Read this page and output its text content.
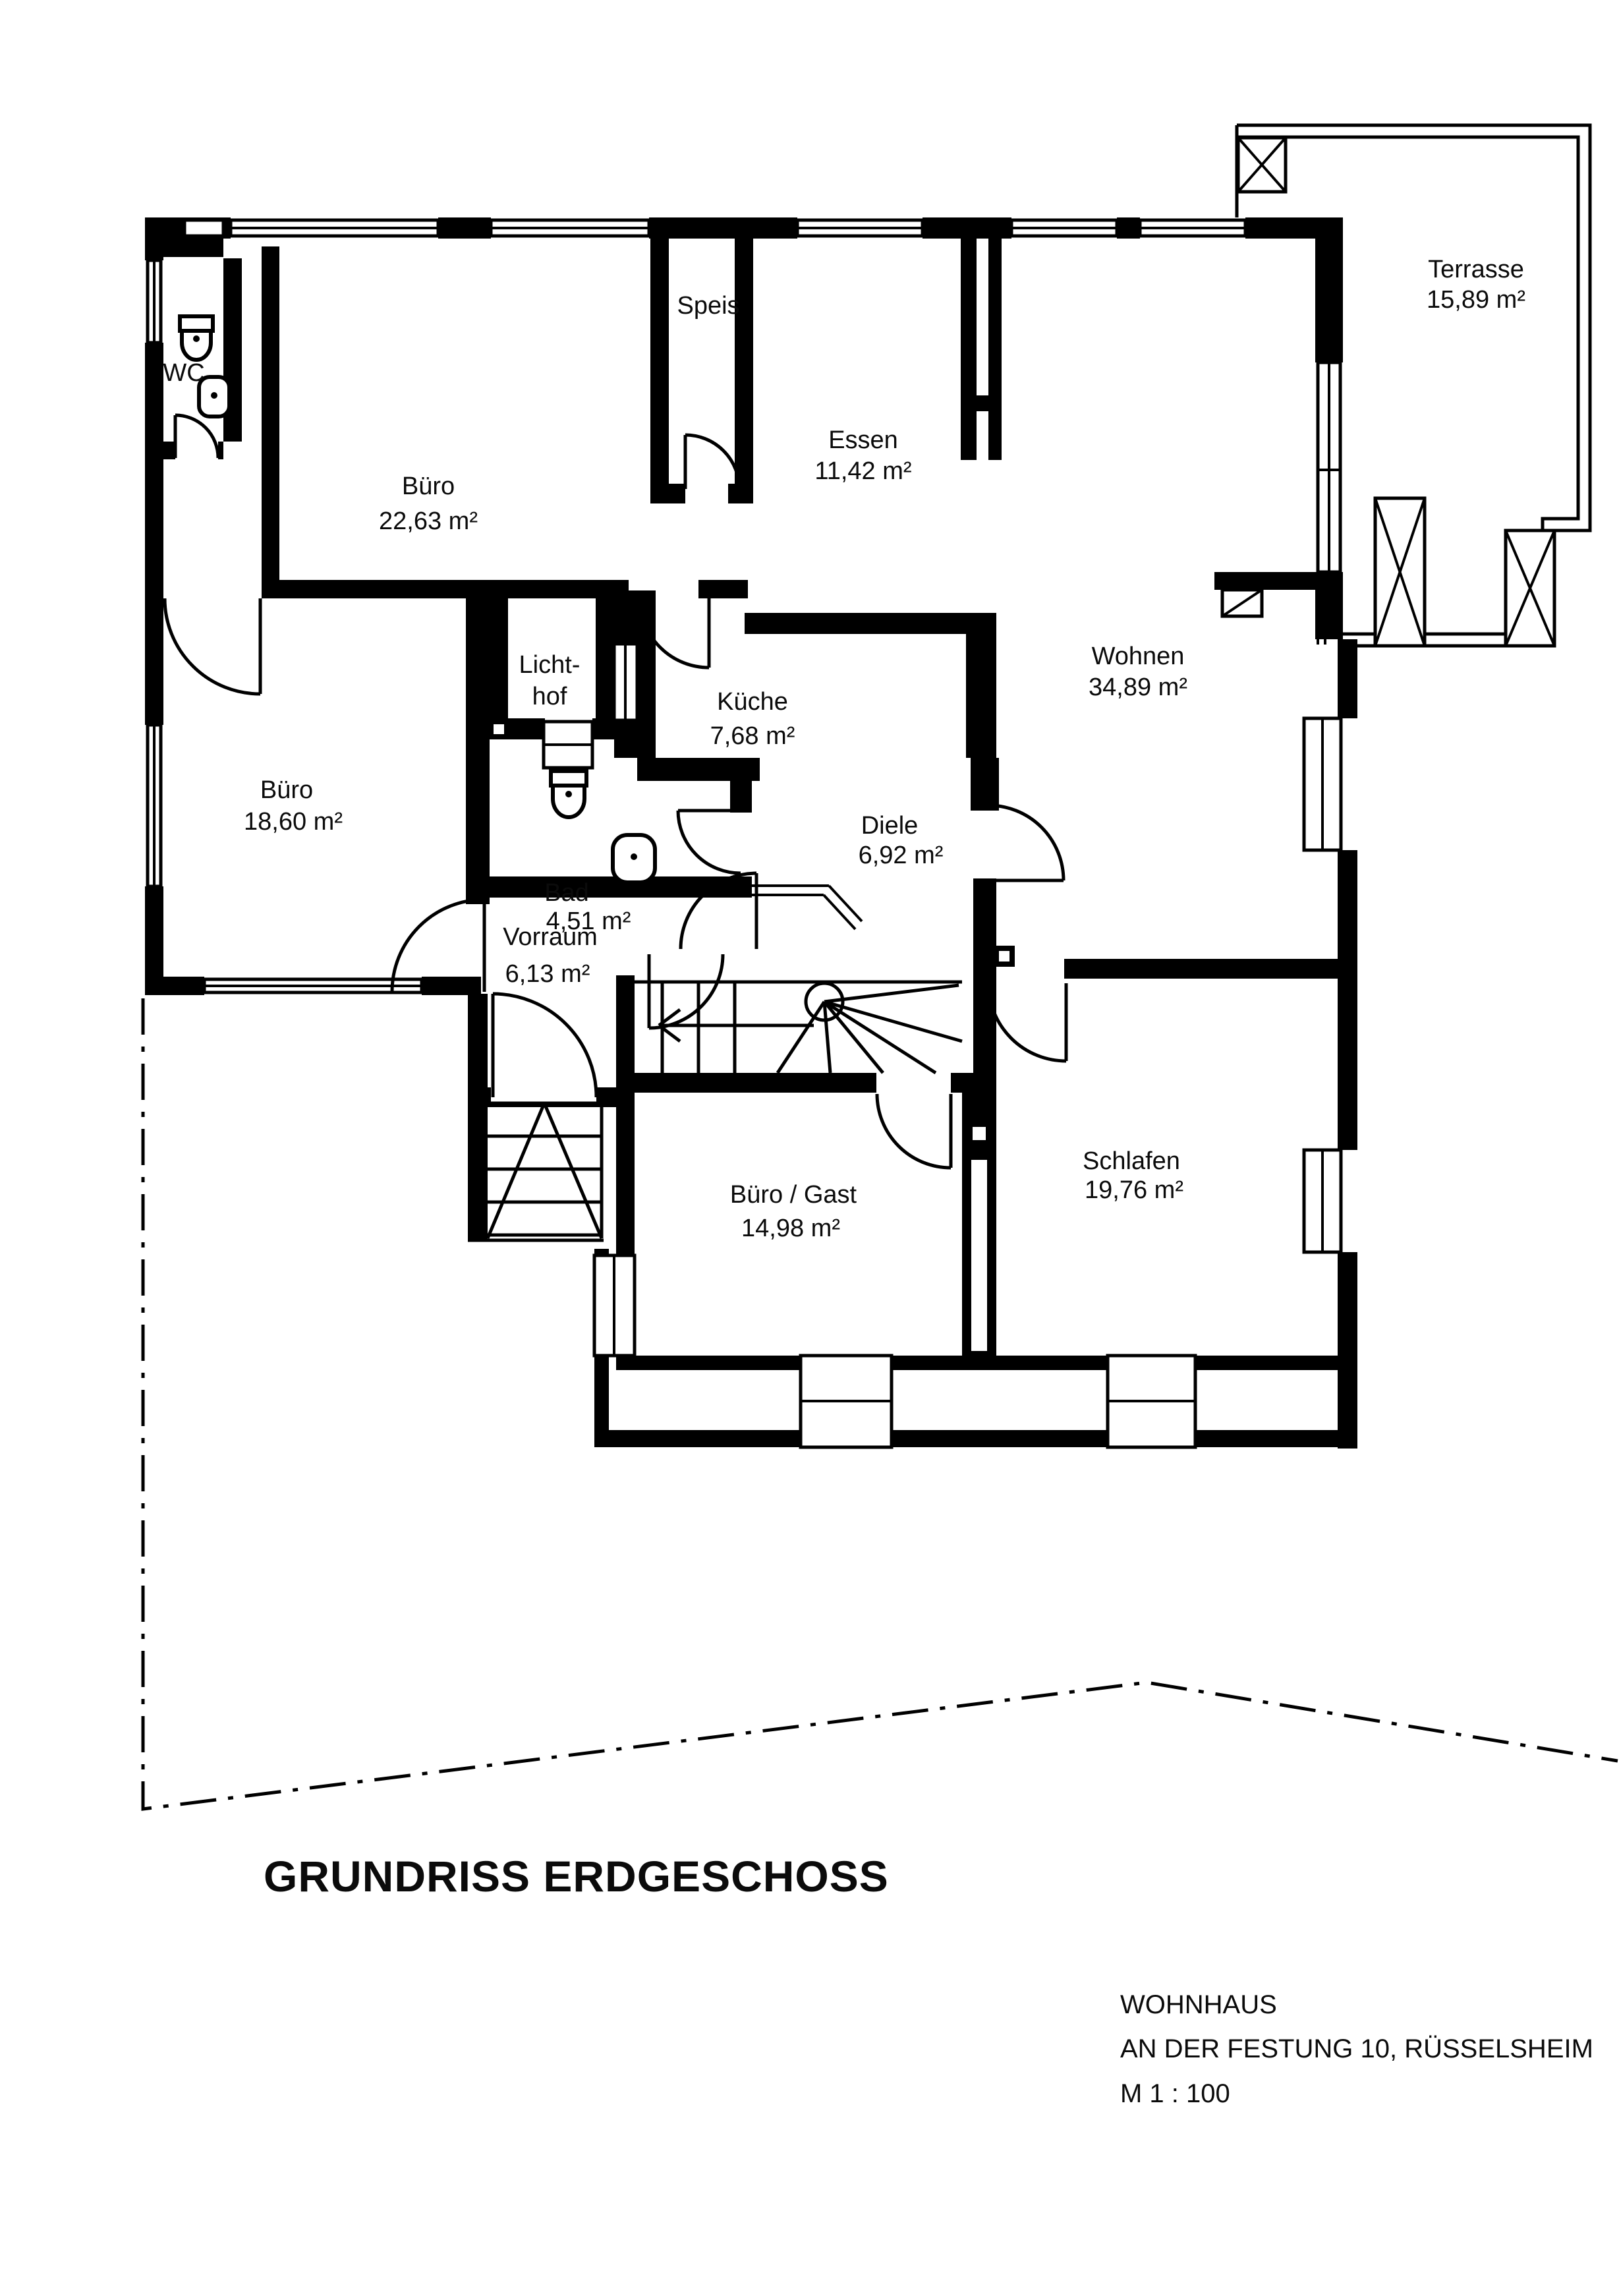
WC
Büro
22,63 m²
Speis
Essen
11,42 m²
Terrasse
15,89 m²
Licht-
hof	Küche
7,68 m²
Wohnen
34,89 m²
Büro
18,60 m²
Bad
4,51 m²
Diele
6,92 m²
Vorraum
6,13 m²
Büro / Gast
14,98 m²
Schlafen
19,76 m²
GRUNDRISS ERDGESCHOSS
WOHNHAUS
AN DER FESTUNG 10, RÜSSELSHEIM
M 1 : 100
